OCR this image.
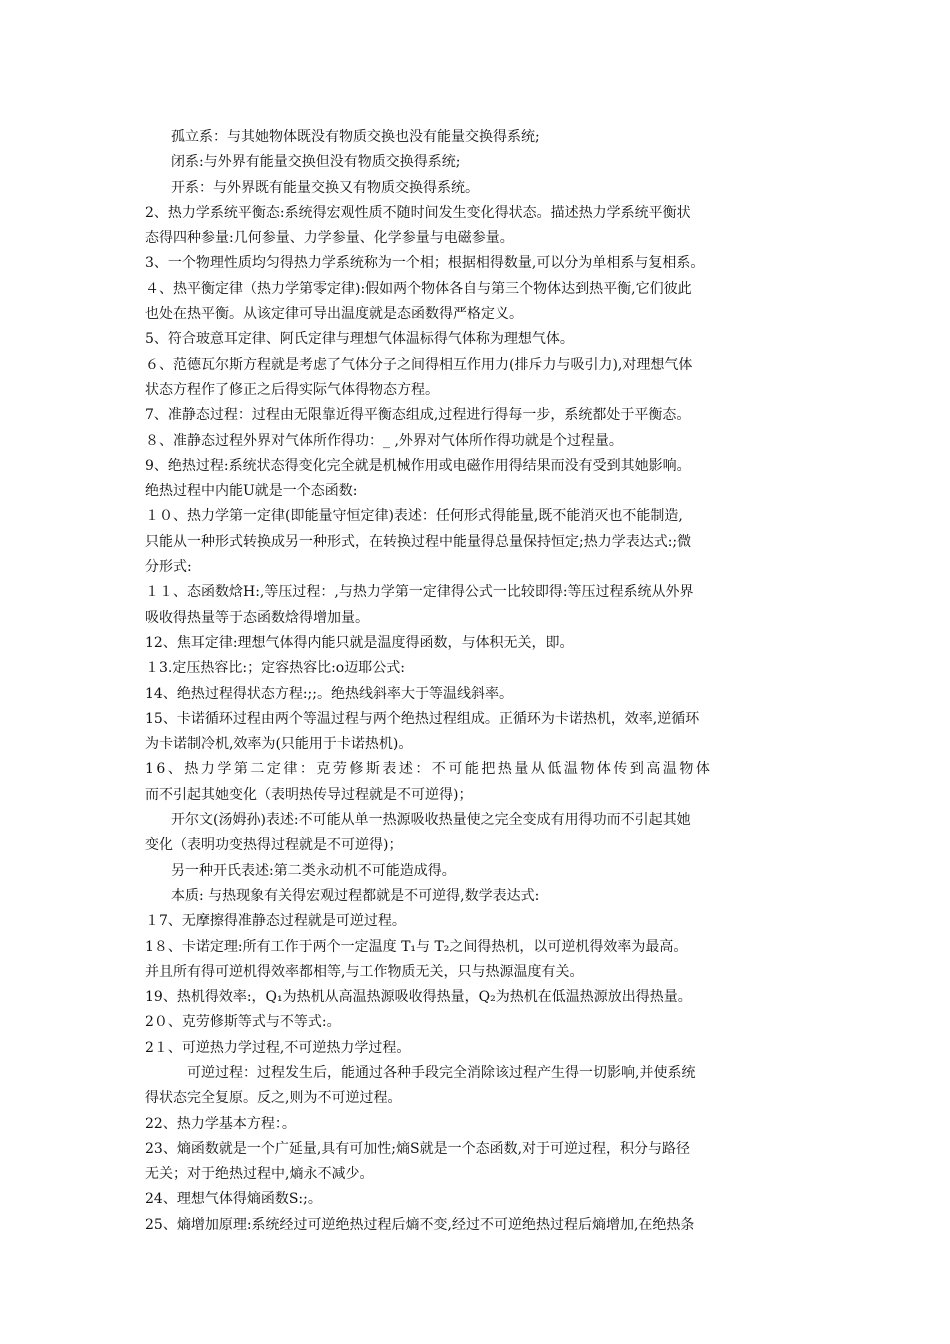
孤立系：与其她物体既没有物质交换也没有能量交换得系统;
闭系:与外界有能量交换但没有物质交换得系统;
开系：与外界既有能量交换又有物质交换得系统。
2、热力学系统平衡态:系统得宏观性质不随时间发生变化得状态。描述热力学系统平衡状
态得四种参量:几何参量、力学参量、化学参量与电磁参量。
3、一个物理性质均匀得热力学系统称为一个相；根据相得数量,可以分为单相系与复相系。
４、热平衡定律（热力学第零定律):假如两个物体各自与第三个物体达到热平衡,它们彼此
也处在热平衡。从该定律可导出温度就是态函数得严格定义。
5、符合玻意耳定律、阿氏定律与理想气体温标得气体称为理想气体。
６、范德瓦尔斯方程就是考虑了气体分子之间得相互作用力(排斥力与吸引力),对理想气体
状态方程作了修正之后得实际气体得物态方程。
7、准静态过程：过程由无限靠近得平衡态组成,过程进行得每一步，系统都处于平衡态。
８、准静态过程外界对气体所作得功：_ ,外界对气体所作得功就是个过程量。
9、绝热过程:系统状态得变化完全就是机械作用或电磁作用得结果而没有受到其她影响。
绝热过程中内能U就是一个态函数:
１０、热力学第一定律(即能量守恒定律)表述：任何形式得能量,既不能消灭也不能制造,
只能从一种形式转换成另一种形式，在转换过程中能量得总量保持恒定;热力学表达式:;微
分形式:
１１、态函数焓H:,等压过程：,与热力学第一定律得公式一比较即得:等压过程系统从外界
吸收得热量等于态函数焓得增加量。
12、焦耳定律:理想气体得内能只就是温度得函数，与体积无关，即。
１3.定压热容比:；定容热容比:ο迈耶公式:
14、绝热过程得状态方程:;;。绝热线斜率大于等温线斜率。
15、卡诺循环过程由两个等温过程与两个绝热过程组成。正循环为卡诺热机，效率,逆循环
为卡诺制冷机,效率为(只能用于卡诺热机)。
16、热力学第二定律：克劳修斯表述：不可能把热量从低温物体传到高温物体
而不引起其她变化（表明热传导过程就是不可逆得)；
开尔文(汤姆孙)表述:不可能从单一热源吸收热量使之完全变成有用得功而不引起其她
变化（表明功变热得过程就是不可逆得)；
另一种开氏表述:第二类永动机不可能造成得。
本质: 与热现象有关得宏观过程都就是不可逆得,数学表达式:
１7、无摩擦得准静态过程就是可逆过程。
1８、卡诺定理:所有工作于两个一定温度 T₁与 T₂之间得热机，以可逆机得效率为最高。
并且所有得可逆机得效率都相等,与工作物质无关，只与热源温度有关。
19、热机得效率:，Q₁为热机从高温热源吸收得热量，Q₂为热机在低温热源放出得热量。
2０、克劳修斯等式与不等式:。
2１、可逆热力学过程,不可逆热力学过程。
可逆过程：过程发生后，能通过各种手段完全消除该过程产生得一切影响,并使系统
得状态完全复原。反之,则为不可逆过程。
22、热力学基本方程：。
23、熵函数就是一个广延量,具有可加性;熵S就是一个态函数,对于可逆过程，积分与路径
无关；对于绝热过程中,熵永不减少。
24、理想气体得熵函数S:;。
25、熵增加原理:系统经过可逆绝热过程后熵不变,经过不可逆绝热过程后熵增加,在绝热条
